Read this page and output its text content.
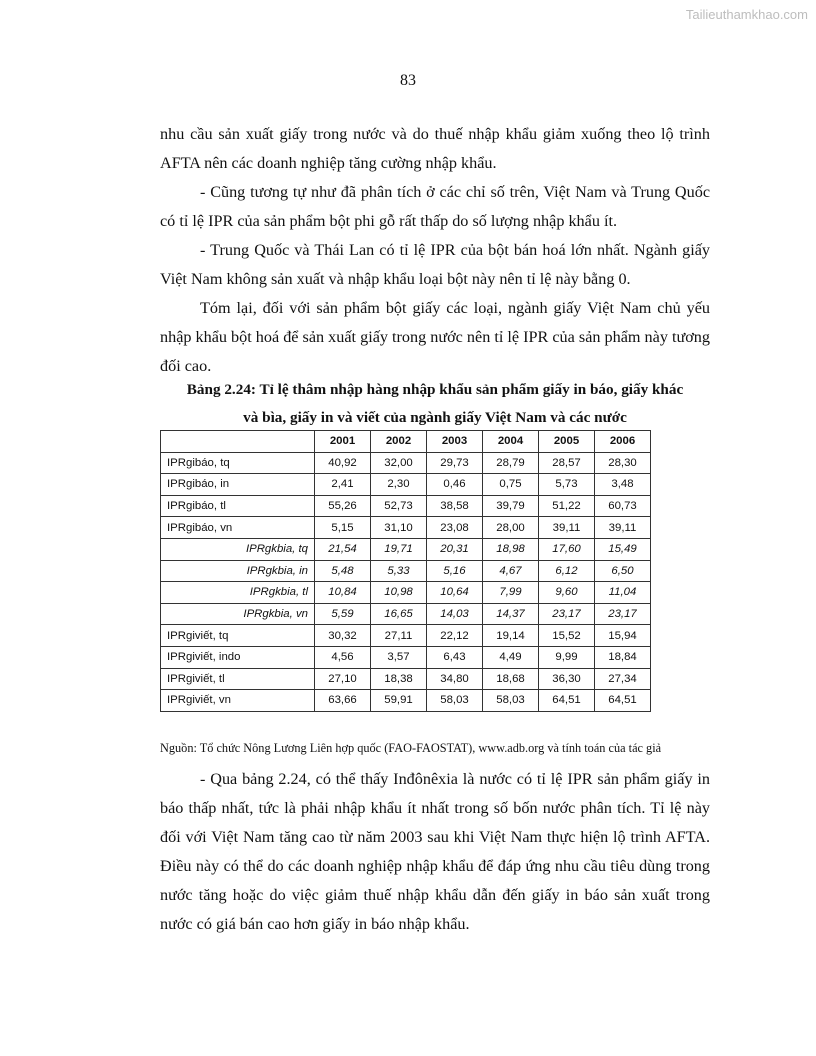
Tailieuthamkhao.com
83

nhu cầu sản xuất giấy trong nước và do thuế nhập khẩu giảm xuống theo lộ trình AFTA nên các doanh nghiệp tăng cường nhập khẩu.

- Cũng tương tự như đã phân tích ở các chỉ số trên, Việt Nam và Trung Quốc có tỉ lệ IPR của sản phẩm bột phi gỗ rất thấp do số lượng nhập khẩu ít.

- Trung Quốc và Thái Lan có tỉ lệ IPR của bột bán hoá lớn nhất. Ngành giấy Việt Nam không sản xuất và nhập khẩu loại bột này nên tỉ lệ này bằng 0.

Tóm lại, đối với sản phẩm bột giấy các loại, ngành giấy Việt Nam chủ yếu nhập khẩu bột hoá để sản xuất giấy trong nước nên tỉ lệ IPR của sản phẩm này tương đối cao.

Bảng 2.24: Tỉ lệ thâm nhập hàng nhập khẩu sản phẩm giấy in báo, giấy khác
và bìa, giấy in và viết của ngành giấy Việt Nam và các nước
	2001	2002	2003	2004	2005	2006
IPRgibáo, tq	40,92	32,00	29,73	28,79	28,57	28,30
IPRgibáo, in	2,41	2,30	0,46	0,75	5,73	3,48
IPRgibáo, tl	55,26	52,73	38,58	39,79	51,22	60,73
IPRgibáo, vn	5,15	31,10	23,08	28,00	39,11	39,11
IPRgkbia, tq	21,54	19,71	20,31	18,98	17,60	15,49
IPRgkbia, in	5,48	5,33	5,16	4,67	6,12	6,50
IPRgkbia, tl	10,84	10,98	10,64	7,99	9,60	11,04
IPRgkbia, vn	5,59	16,65	14,03	14,37	23,17	23,17
IPRgiviết, tq	30,32	27,11	22,12	19,14	15,52	15,94
IPRgiviết, indo	4,56	3,57	6,43	4,49	9,99	18,84
IPRgiviết, tl	27,10	18,38	34,80	18,68	36,30	27,34
IPRgiviết, vn	63,66	59,91	58,03	58,03	64,51	64,51
Nguồn: Tổ chức Nông Lương Liên hợp quốc (FAO-FAOSTAT), www.adb.org và tính toán của tác giả

- Qua bảng 2.24, có thể thấy Inđônêxia là nước có tỉ lệ IPR sản phẩm giấy in báo thấp nhất, tức là phải nhập khẩu ít nhất trong số bốn nước phân tích. Tỉ lệ này đối với Việt Nam tăng cao từ năm 2003 sau khi Việt Nam thực hiện lộ trình AFTA. Điều này có thể do các doanh nghiệp nhập khẩu để đáp ứng nhu cầu tiêu dùng trong nước tăng hoặc do việc giảm thuế nhập khẩu dẫn đến giấy in báo sản xuất trong nước có giá bán cao hơn giấy in báo nhập khẩu.
